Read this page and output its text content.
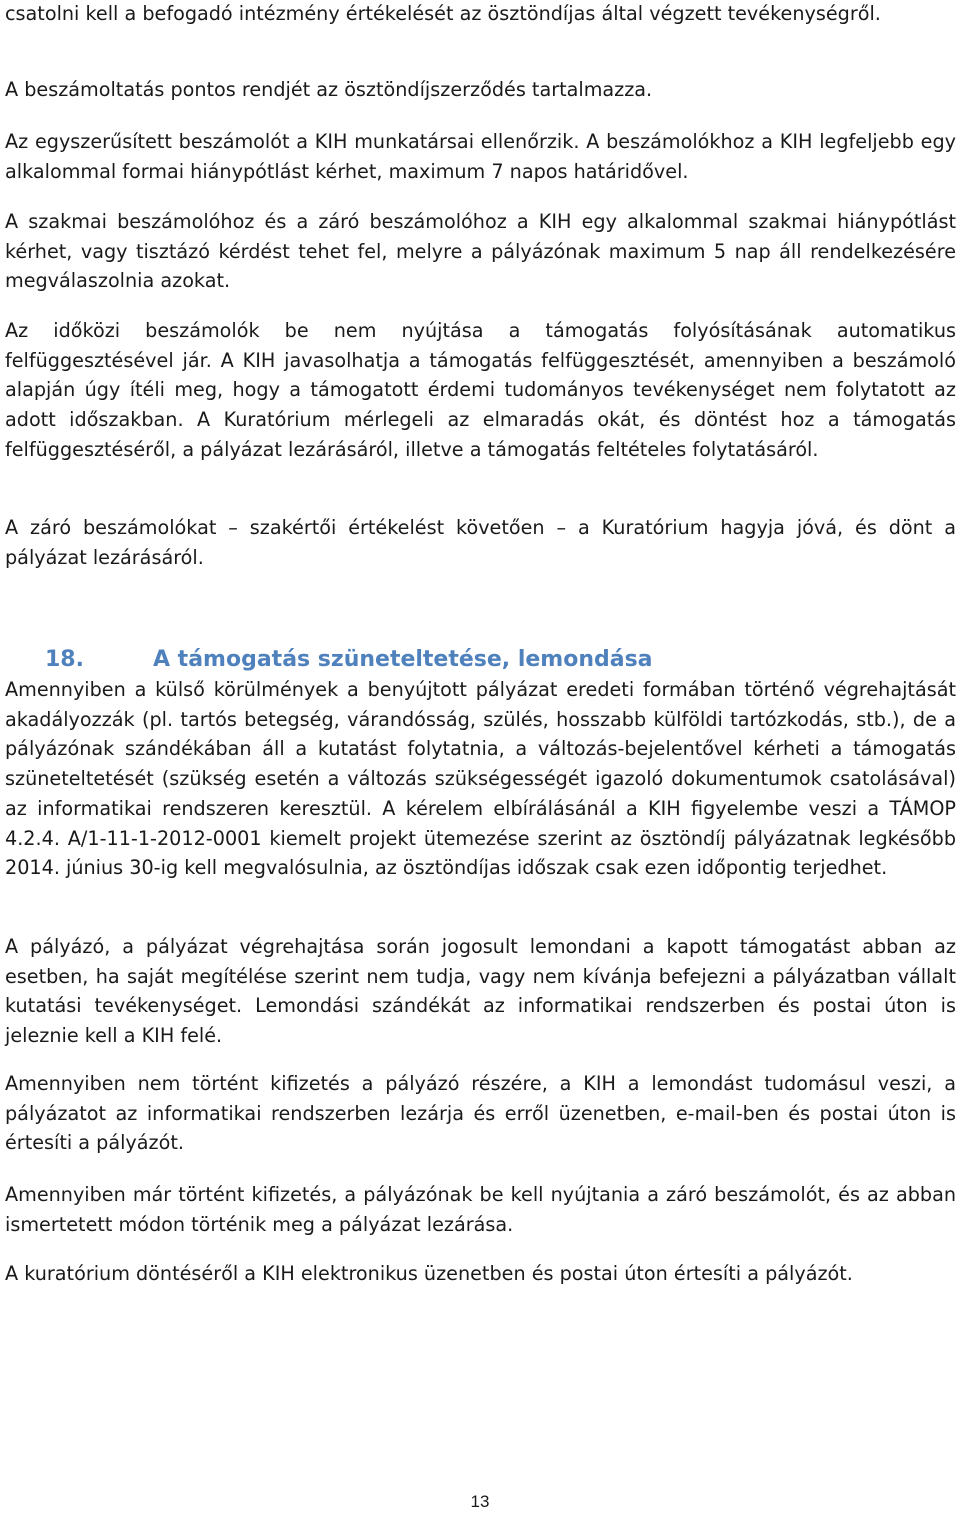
csatolni kell a befogadó intézmény értékelését az ösztöndíjas által végzett tevékenységről.

A beszámoltatás pontos rendjét az ösztöndíjszerződés tartalmazza.

Az egyszerűsített beszámolót a KIH munkatársai ellenőrzik. A beszámolókhoz a KIH legfeljebb egy alkalommal formai hiánypótlást kérhet, maximum 7 napos határidővel.

A szakmai beszámolóhoz és a záró beszámolóhoz a KIH egy alkalommal szakmai hiánypótlást kérhet, vagy tisztázó kérdést tehet fel, melyre a pályázónak maximum 5 nap áll rendelkezésére megválaszolnia azokat.

Az időközi beszámolók be nem nyújtása a támogatás folyósításának automatikus felfüggesztésével jár. A KIH javasolhatja a támogatás felfüggesztését, amennyiben a beszámoló alapján úgy ítéli meg, hogy a támogatott érdemi tudományos tevékenységet nem folytatott az adott időszakban. A Kuratórium mérlegeli az elmaradás okát, és döntést hoz a támogatás felfüggesztéséről, a pályázat lezárásáról, illetve a támogatás feltételes folytatásáról.

A záró beszámolókat – szakértői értékelést követően – a Kuratórium hagyja jóvá, és dönt a pályázat lezárásáról.

18.	A támogatás szüneteltetése, lemondása

Amennyiben a külső körülmények a benyújtott pályázat eredeti formában történő végrehajtását akadályozzák (pl. tartós betegség, várandósság, szülés, hosszabb külföldi tartózkodás, stb.), de a pályázónak szándékában áll a kutatást folytatnia, a változás-bejelentővel kérheti a támogatás szüneteltetését (szükség esetén a változás szükségességét igazoló dokumentumok csatolásával) az informatikai rendszeren keresztül. A kérelem elbírálásánál a KIH figyelembe veszi a TÁMOP 4.2.4. A/1-11-1-2012-0001 kiemelt projekt ütemezése szerint az ösztöndíj pályázatnak legkésőbb 2014. június 30-ig kell megvalósulnia, az ösztöndíjas időszak csak ezen időpontig terjedhet.

A pályázó, a pályázat végrehajtása során jogosult lemondani a kapott támogatást abban az esetben, ha saját megítélése szerint nem tudja, vagy nem kívánja befejezni a pályázatban vállalt kutatási tevékenységet. Lemondási szándékát az informatikai rendszerben és postai úton is jeleznie kell a KIH felé.

Amennyiben nem történt kifizetés a pályázó részére, a KIH a lemondást tudomásul veszi, a pályázatot az informatikai rendszerben lezárja és erről üzenetben, e-mail-ben és postai úton is értesíti a pályázót.

Amennyiben már történt kifizetés, a pályázónak be kell nyújtania a záró beszámolót, és az abban ismertetett módon történik meg a pályázat lezárása.

A kuratórium döntéséről a KIH elektronikus üzenetben és postai úton értesíti a pályázót.

13
